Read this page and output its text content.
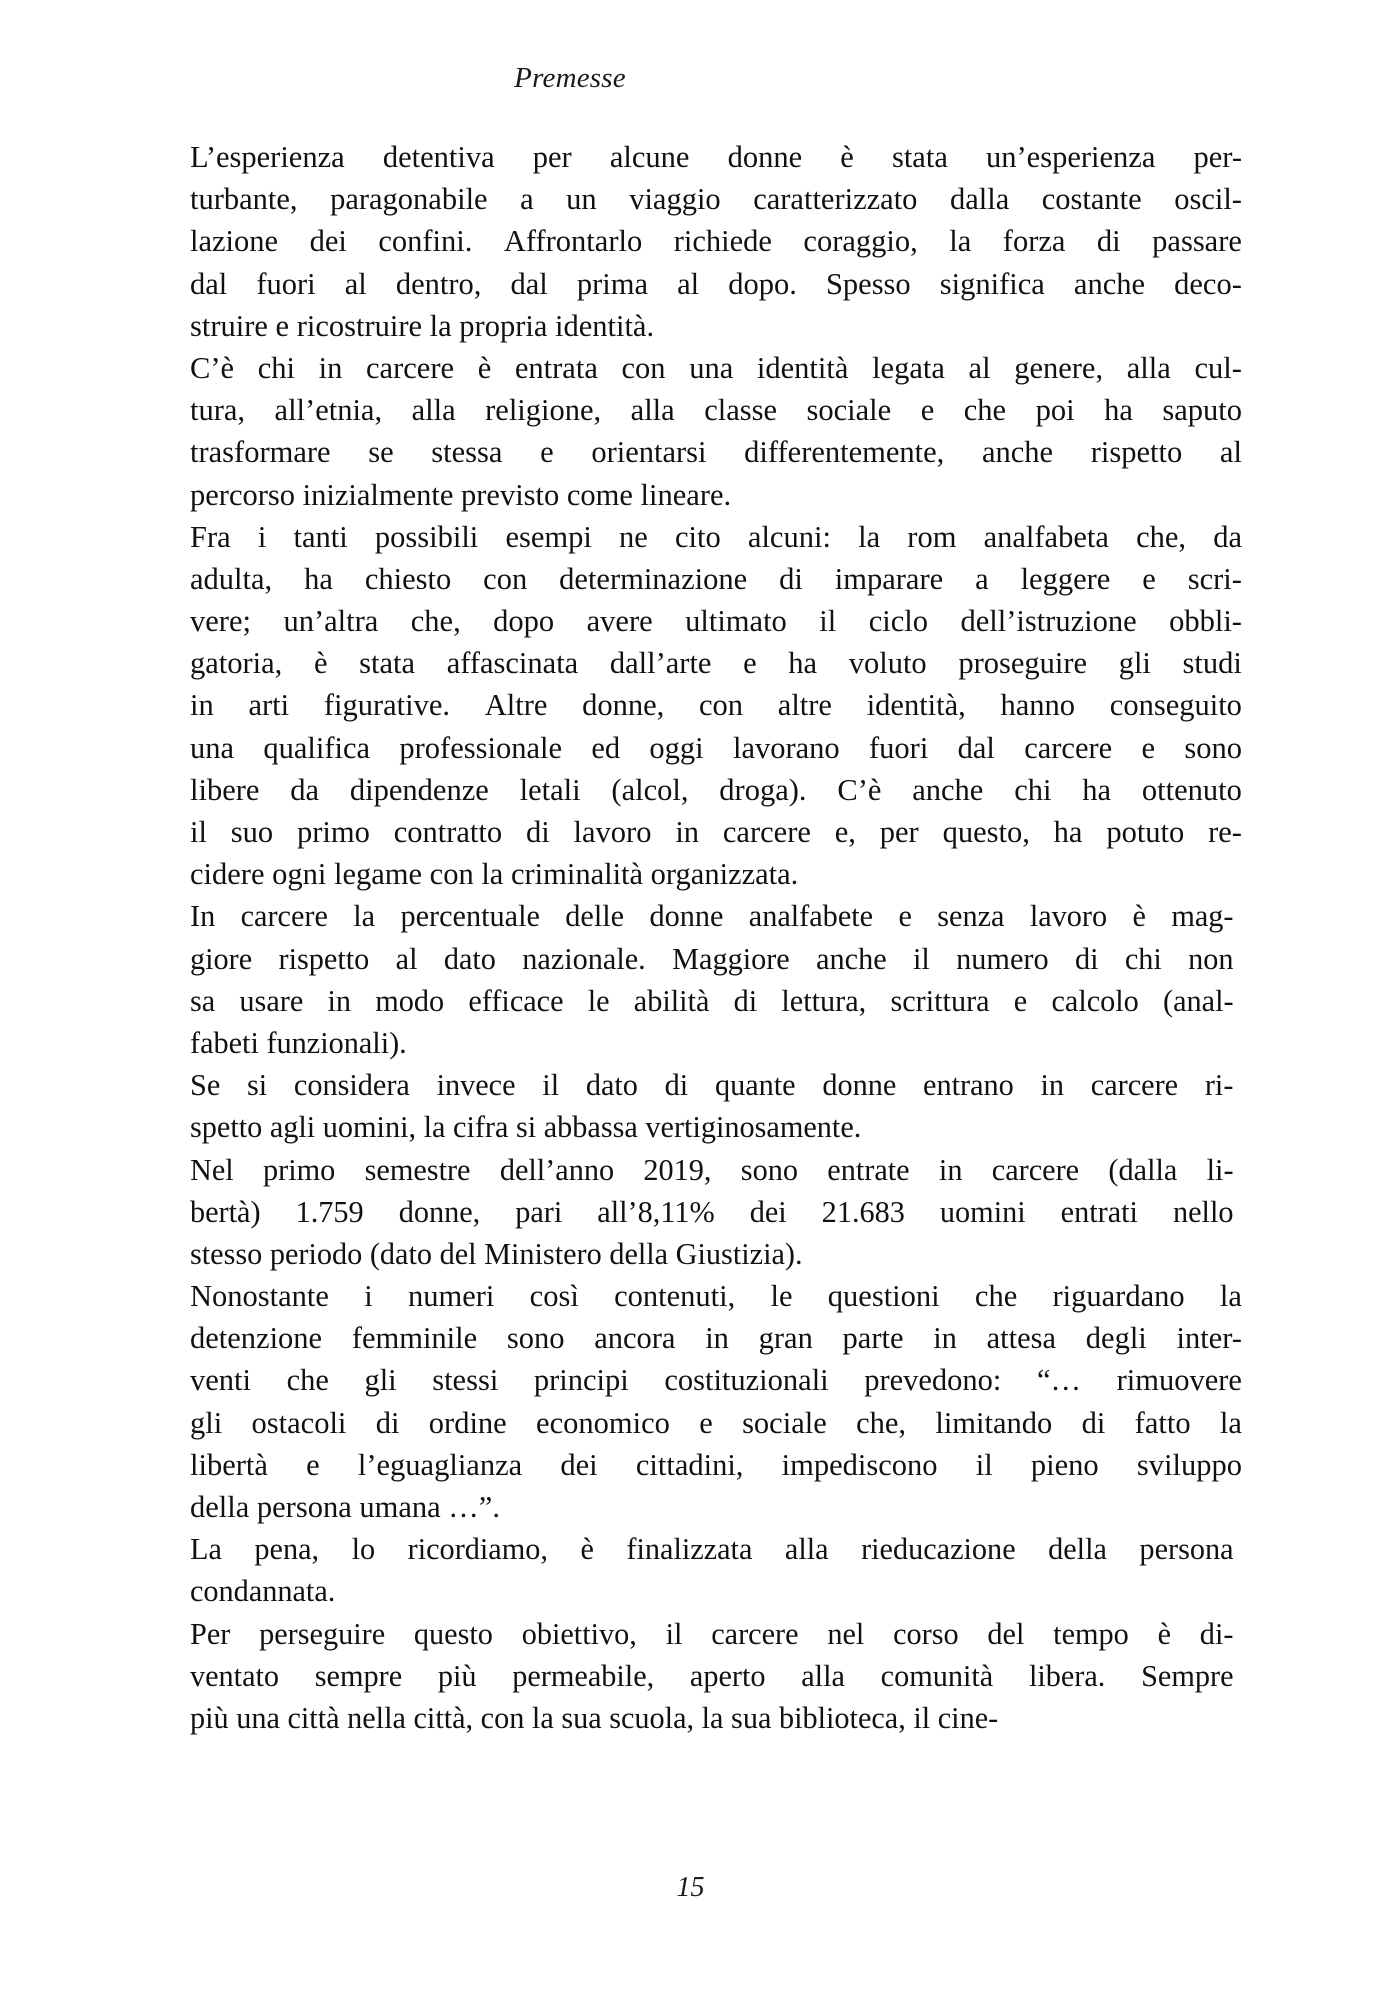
Premesse

L’esperienza detentiva per alcune donne è stata un’esperienza per-
turbante, paragonabile a un viaggio caratterizzato dalla costante oscil-
lazione dei confini. Affrontarlo richiede coraggio, la forza di passare
dal fuori al dentro, dal prima al dopo. Spesso significa anche deco-
struire e ricostruire la propria identità.

C’è chi in carcere è entrata con una identità legata al genere, alla cul-
tura, all’etnia, alla religione, alla classe sociale e che poi ha saputo
trasformare se stessa e orientarsi differentemente, anche rispetto al
percorso inizialmente previsto come lineare.

Fra i tanti possibili esempi ne cito alcuni: la rom analfabeta che, da
adulta, ha chiesto con determinazione di imparare a leggere e scri-
vere; un’altra che, dopo avere ultimato il ciclo dell’istruzione obbli-
gatoria, è stata affascinata dall’arte e ha voluto proseguire gli studi
in arti figurative. Altre donne, con altre identità, hanno conseguito
una qualifica professionale ed oggi lavorano fuori dal carcere e sono
libere da dipendenze letali (alcol, droga). C’è anche chi ha ottenuto
il suo primo contratto di lavoro in carcere e, per questo, ha potuto re-
cidere ogni legame con la criminalità organizzata.

In carcere la percentuale delle donne analfabete e senza lavoro è mag-
giore rispetto al dato nazionale. Maggiore anche il numero di chi non
sa usare in modo efficace le abilità di lettura, scrittura e calcolo (anal-
fabeti funzionali).

Se si considera invece il dato di quante donne entrano in carcere ri-
spetto agli uomini, la cifra si abbassa vertiginosamente.

Nel primo semestre dell’anno 2019, sono entrate in carcere (dalla li-
bertà) 1.759 donne, pari all’8,11% dei 21.683 uomini entrati nello
stesso periodo (dato del Ministero della Giustizia).

Nonostante i numeri così contenuti, le questioni che riguardano la
detenzione femminile sono ancora in gran parte in attesa degli inter-
venti che gli stessi principi costituzionali prevedono: “… rimuovere
gli ostacoli di ordine economico e sociale che, limitando di fatto la
libertà e l’eguaglianza dei cittadini, impediscono il pieno sviluppo
della persona umana …”.

La pena, lo ricordiamo, è finalizzata alla rieducazione della persona
condannata.

Per perseguire questo obiettivo, il carcere nel corso del tempo è di-
ventato sempre più permeabile, aperto alla comunità libera. Sempre
più una città nella città, con la sua scuola, la sua biblioteca, il cine-

15
